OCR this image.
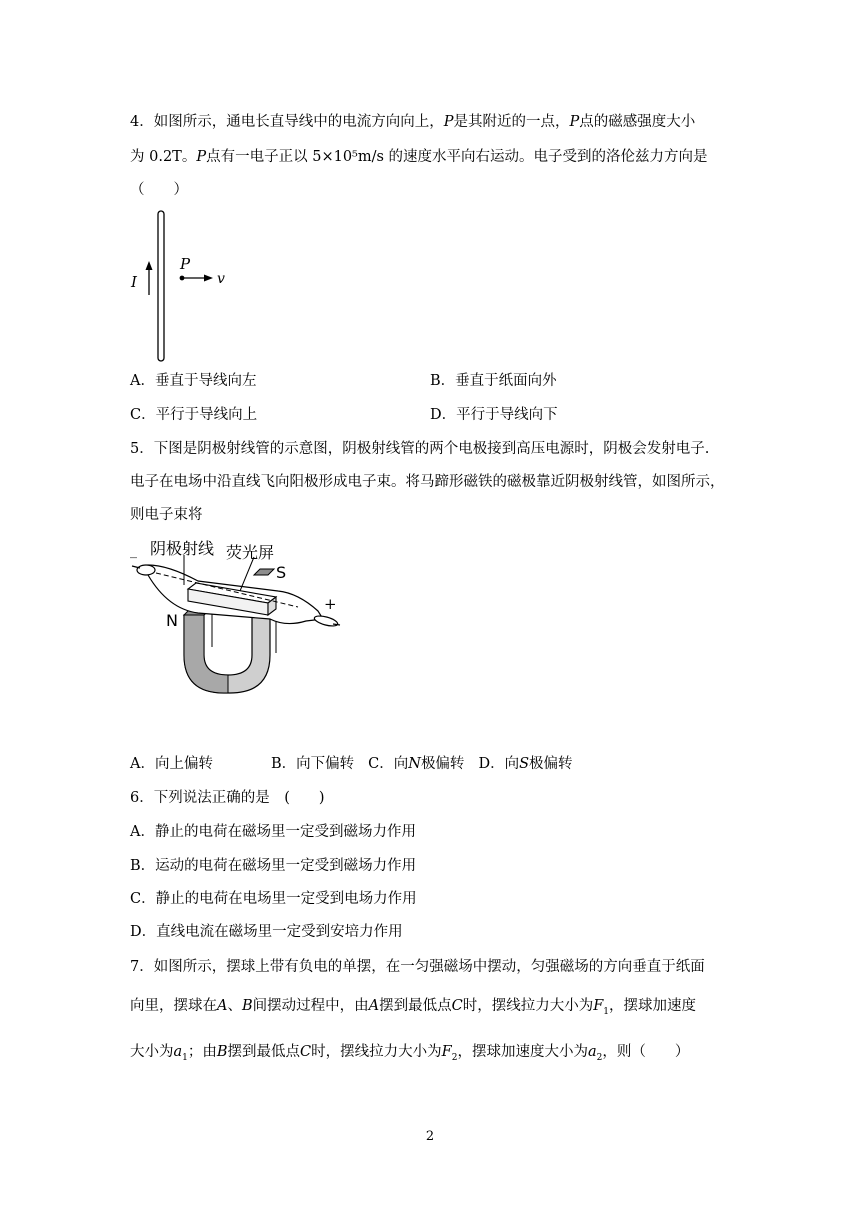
4．如图所示，通电长直导线中的电流方向向上，P是其附近的一点，P点的磁感强度大小
为 0.2T。P点有一电子正以 5×10⁵m/s 的速度水平向右运动。电子受到的洛伦兹力方向是
（　　）
I
P
v
A．垂直于导线向左	B．垂直于纸面向外
C．平行于导线向上	D．平行于导线向下
5．下图是阴极射线管的示意图，阴极射线管的两个电极接到高压电源时，阴极会发射电子.
电子在电场中沿直线飞向阳极形成电子束。将马蹄形磁铁的磁极靠近阴极射线管，如图所示，
则电子束将
阴极射线 荧光屏
S
N
_
+
A．向上偏转	B．向下偏转 C．向N极偏转 D．向S极偏转
6．下列说法正确的是　(　　)
A．静止的电荷在磁场里一定受到磁场力作用
B．运动的电荷在磁场里一定受到磁场力作用
C．静止的电荷在电场里一定受到电场力作用
D．直线电流在磁场里一定受到安培力作用
7．如图所示，摆球上带有负电的单摆，在一匀强磁场中摆动，匀强磁场的方向垂直于纸面
向里，摆球在A、B间摆动过程中，由A摆到最低点C时，摆线拉力大小为$F_1$，摆球加速度
大小为$a_1$；由B摆到最低点C时，摆线拉力大小为$F_2$，摆球加速度大小为$a_2$，则（　　）
2
